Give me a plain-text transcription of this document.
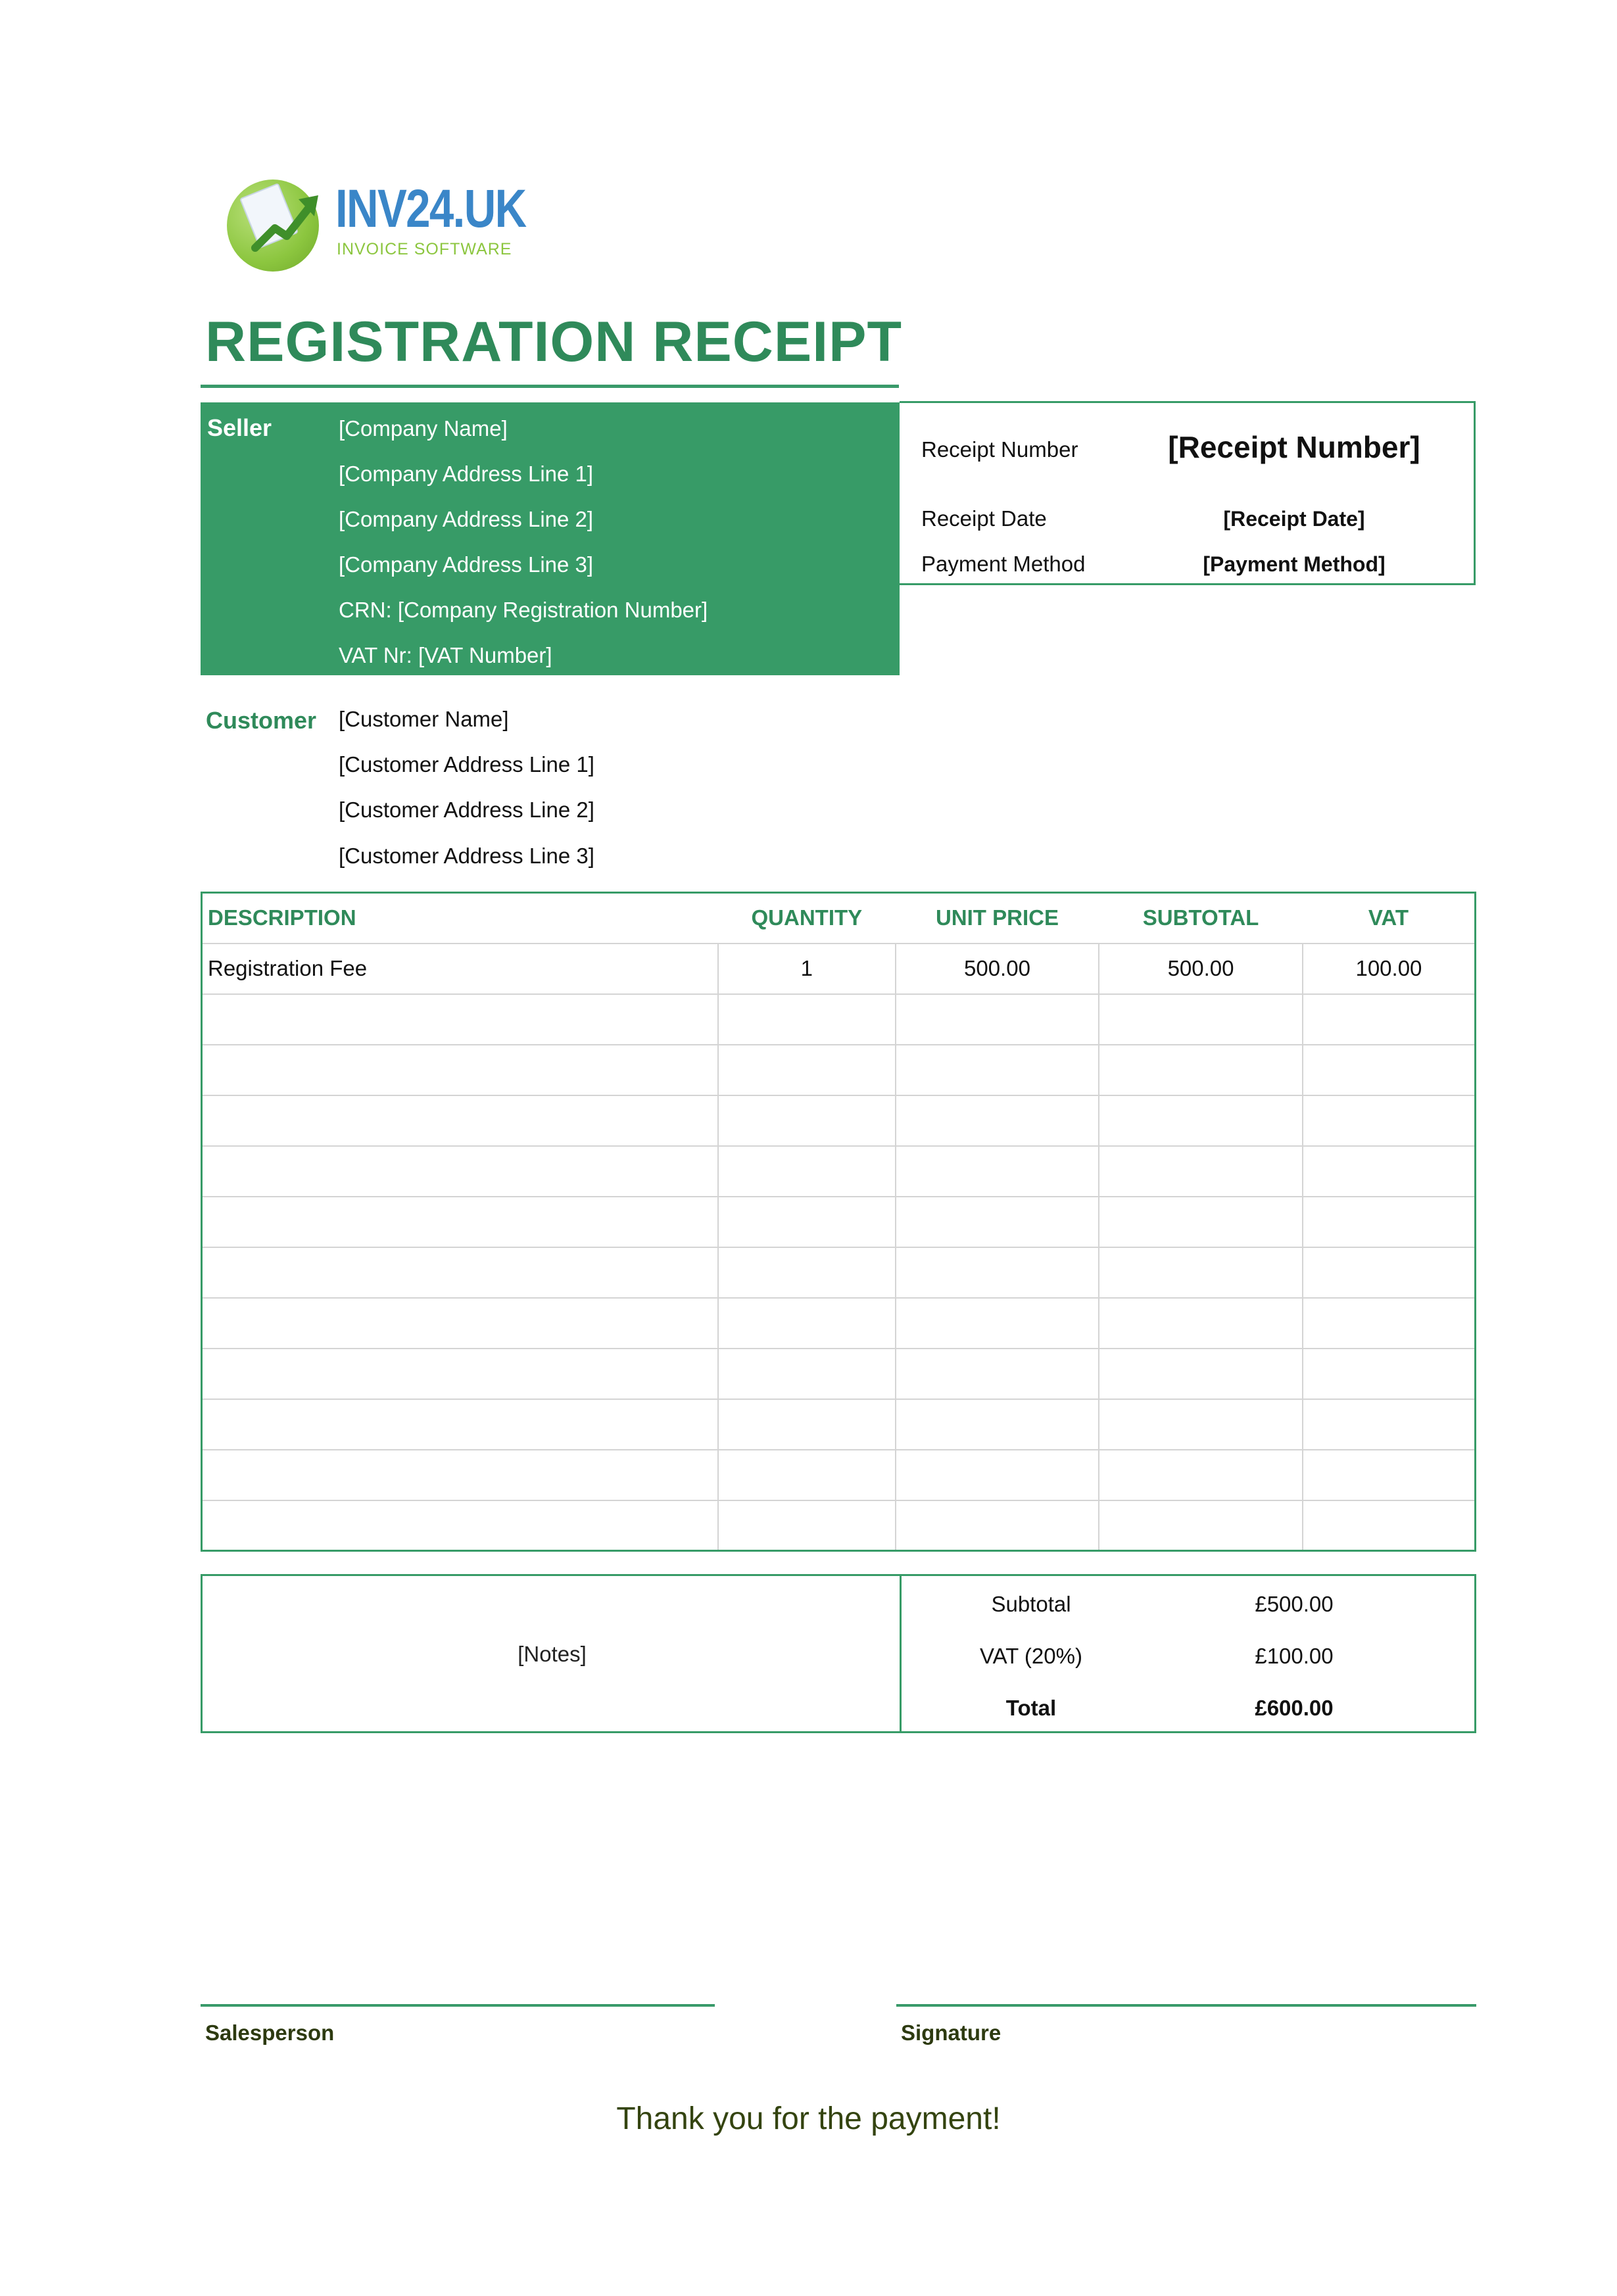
INV24.UK
INVOICE SOFTWARE
REGISTRATION RECEIPT
Seller	[Company Name]
[Company Address Line 1]
[Company Address Line 2]
[Company Address Line 3]
CRN: [Company Registration Number]
VAT Nr: [VAT Number]
Receipt Number	[Receipt Number]
Receipt Date	[Receipt Date]
Payment Method	[Payment Method]
Customer [Customer Name]
[Customer Address Line 1]
[Customer Address Line 2]
[Customer Address Line 3]
DESCRIPTION	QUANTITY	UNIT PRICE	SUBTOTAL	VAT
Registration Fee	1	500.00	500.00	100.00

[Notes]
Subtotal	£500.00
VAT (20%)	£100.00
Total	£600.00
Salesperson	Signature
Thank you for the payment!
